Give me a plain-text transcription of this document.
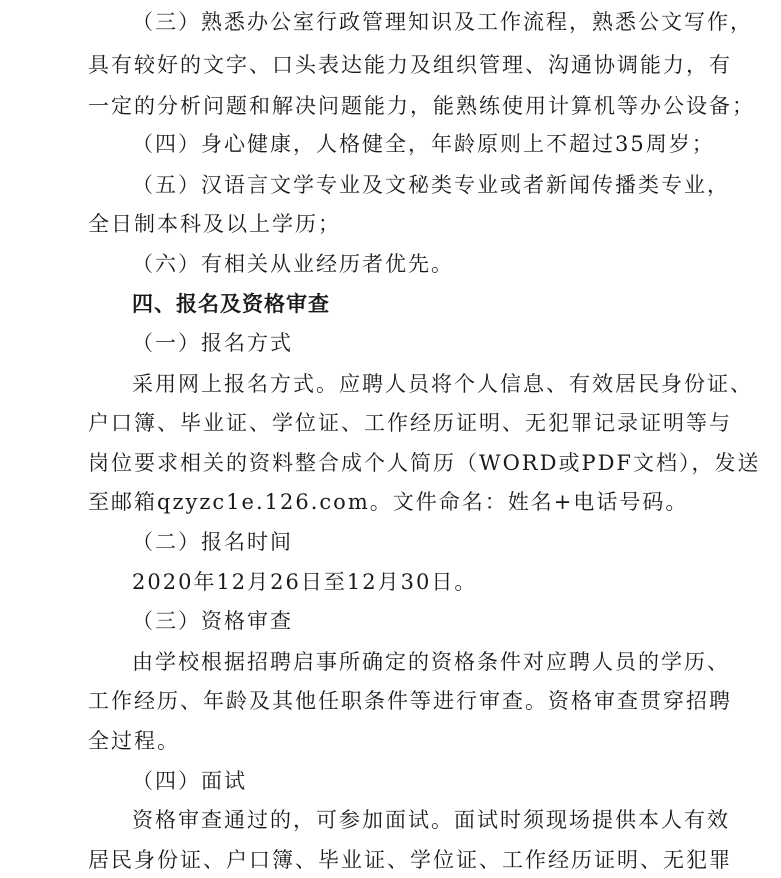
（三）熟悉办公室行政管理知识及工作流程，熟悉公文写作，
具有较好的文字、口头表达能力及组织管理、沟通协调能力，有
一定的分析问题和解决问题能力，能熟练使用计算机等办公设备；
（四）身心健康，人格健全，年龄原则上不超过35周岁；
（五）汉语言文学专业及文秘类专业或者新闻传播类专业，
全日制本科及以上学历；
（六）有相关从业经历者优先。
四、报名及资格审查
（一）报名方式
采用网上报名方式。应聘人员将个人信息、有效居民身份证、
户口簿、毕业证、学位证、工作经历证明、无犯罪记录证明等与
岗位要求相关的资料整合成个人简历（WORD或PDF文档），发送
至邮箱qzyzc1e.126.com。文件命名：姓名+电话号码。
（二）报名时间
2020年12月26日至12月30日。
（三）资格审查
由学校根据招聘启事所确定的资格条件对应聘人员的学历、
工作经历、年龄及其他任职条件等进行审查。资格审查贯穿招聘
全过程。
（四）面试
资格审查通过的，可参加面试。面试时须现场提供本人有效
居民身份证、户口簿、毕业证、学位证、工作经历证明、无犯罪
